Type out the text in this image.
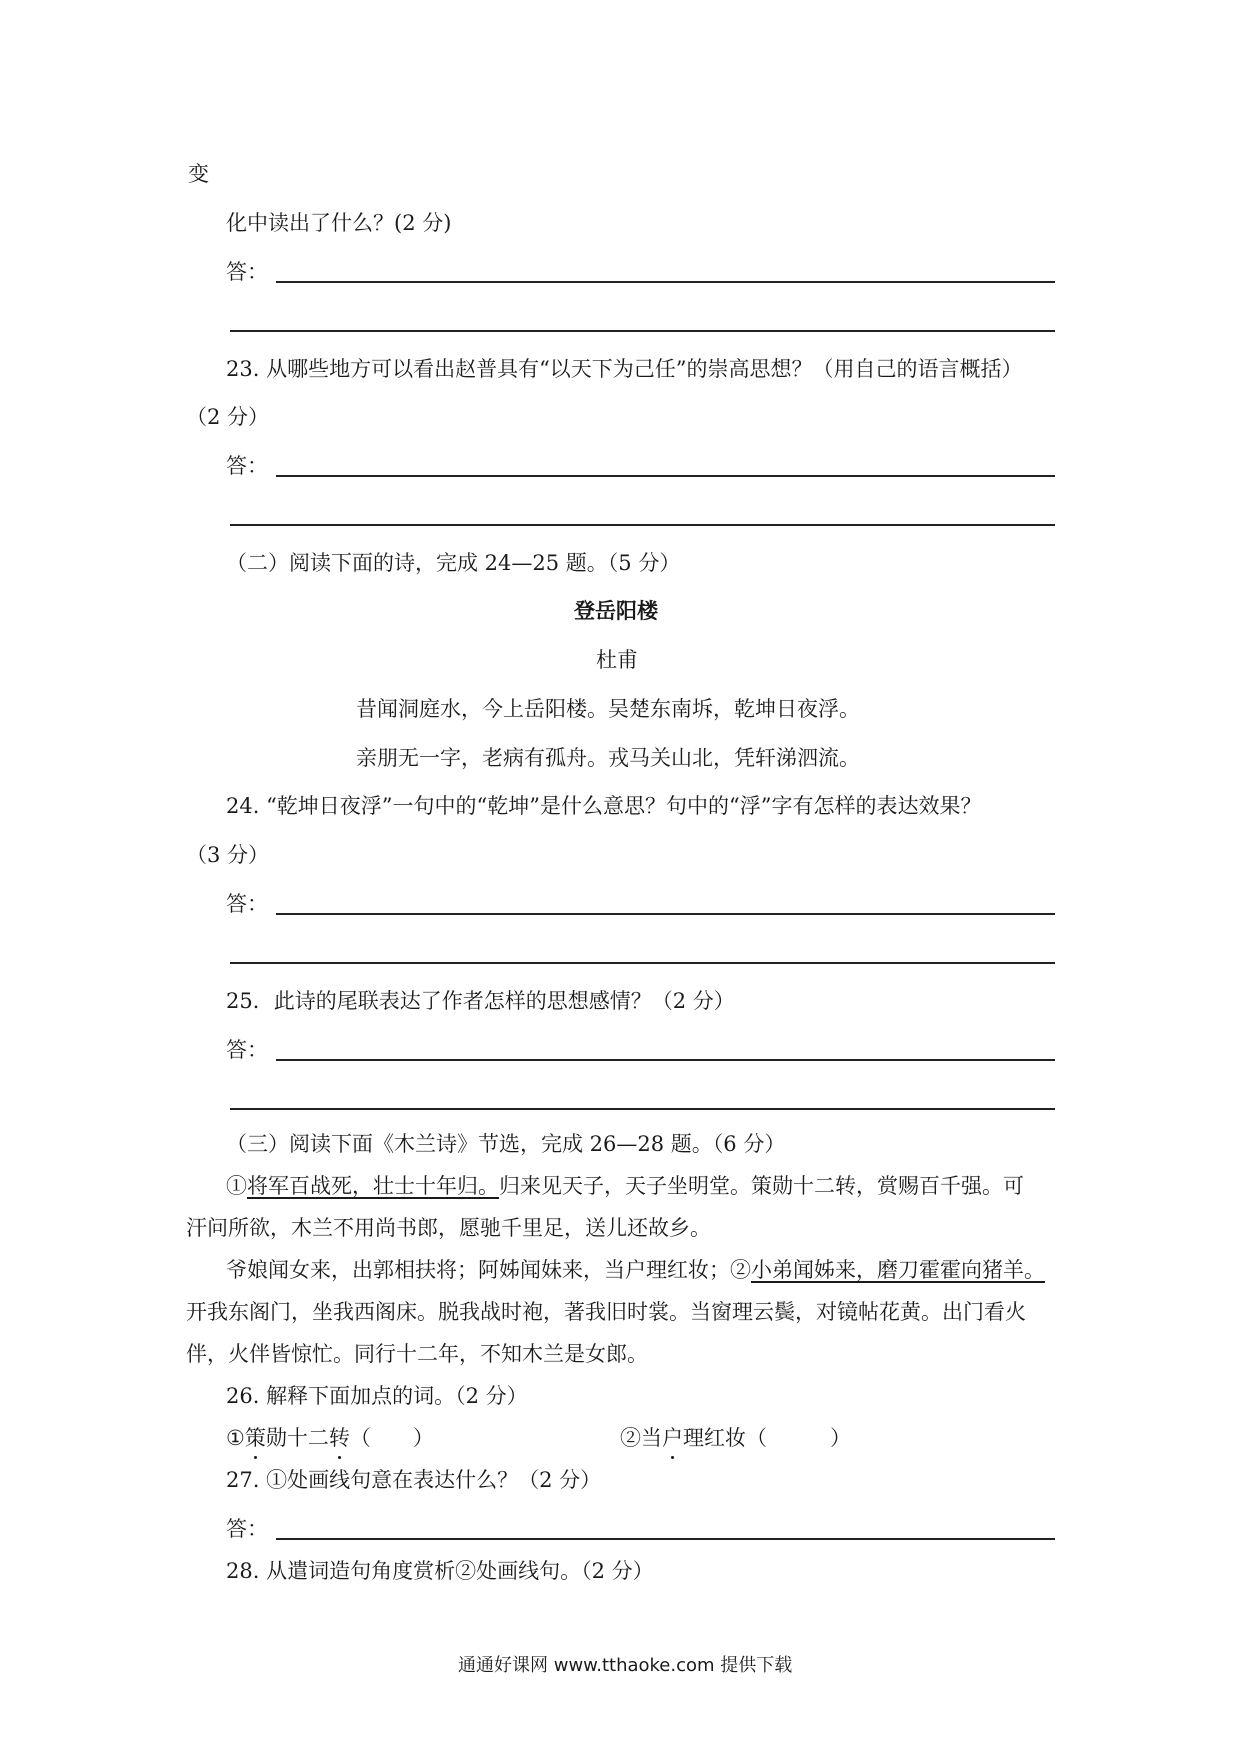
变
化中读出了什么？(2 分)
答：
23. 从哪些地方可以看出赵普具有“以天下为己任”的崇高思想？（用自己的语言概括）
（2 分）
答：
（二）阅读下面的诗，完成 24—25 题。（5 分）
登岳阳楼
杜甫
昔闻洞庭水，今上岳阳楼。吴楚东南坼，乾坤日夜浮。
亲朋无一字，老病有孤舟。戎马关山北，凭轩涕泗流。
24. “乾坤日夜浮”一句中的“乾坤”是什么意思？句中的“浮”字有怎样的表达效果？
（3 分）
答：
25．此诗的尾联表达了作者怎样的思想感情？（2 分）
答：
（三）阅读下面《木兰诗》节选，完成 26—28 题。（6 分）
①将军百战死，壮士十年归。归来见天子，天子坐明堂。策勋十二转，赏赐百千强。可
汗问所欲，木兰不用尚书郎，愿驰千里足，送儿还故乡。
爷娘闻女来，出郭相扶将；阿姊闻妹来，当户理红妆；②小弟闻姊来，磨刀霍霍向猪羊。
开我东阁门，坐我西阁床。脱我战时袍，著我旧时裳。当窗理云鬓，对镜帖花黄。出门看火
伴，火伴皆惊忙。同行十二年，不知木兰是女郎。
26. 解释下面加点的词。（2 分）
①策勋十二转（　　）	②当户理红妆（　　　）
27. ①处画线句意在表达什么？（2 分）
答：
28. 从遣词造句角度赏析②处画线句。（2 分）
通通好课网 www.tthaoke.com 提供下载
